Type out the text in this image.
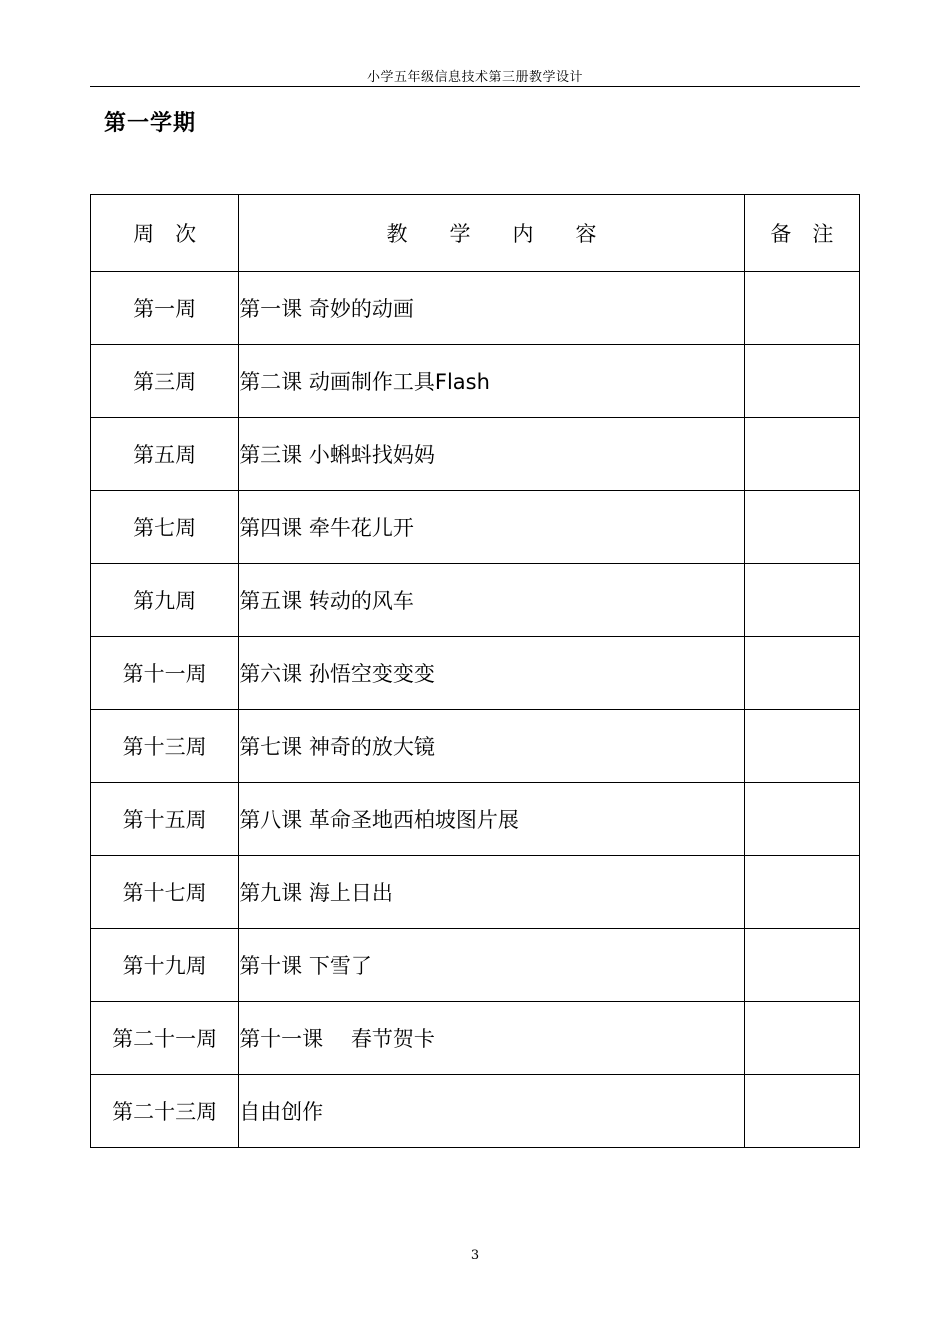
小学五年级信息技术第三册教学设计
第一学期
周　次	教　　学　　内　　容	备　注
第一周	第一课 奇妙的动画	
第三周	第二课 动画制作工具Flash	
第五周	第三课 小蝌蚪找妈妈	
第七周	第四课 牵牛花儿开	
第九周	第五课 转动的风车	
第十一周	第六课 孙悟空变变变	
第十三周	第七课 神奇的放大镜	
第十五周	第八课 革命圣地西柏坡图片展	
第十七周	第九课 海上日出	
第十九周	第十课 下雪了	
第二十一周	第十一课　 春节贺卡	
第二十三周	自由创作	
3
